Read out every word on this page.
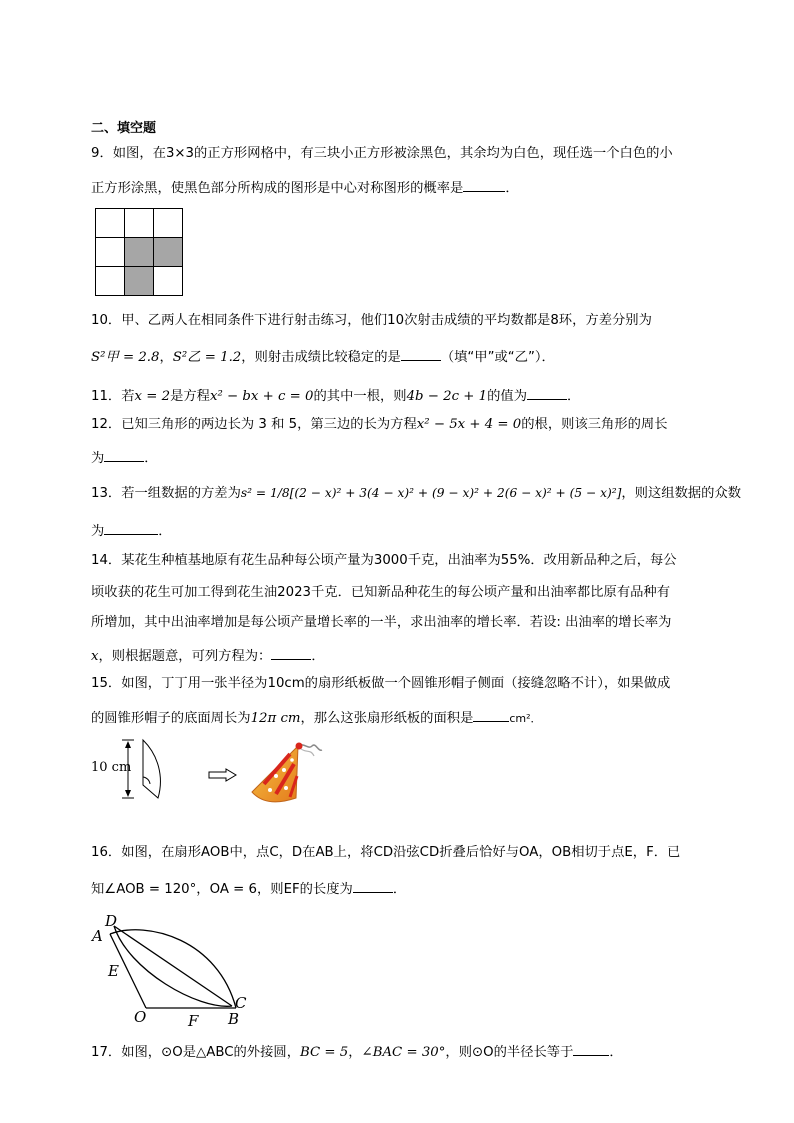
二、填空题
9．如图，在3×3的正方形网格中，有三块小正方形被涂黑色，其余均为白色，现任选一个白色的小
正方形涂黑，使黑色部分所构成的图形是中心对称图形的概率是	．
10．甲、乙两人在相同条件下进行射击练习，他们10次射击成绩的平均数都是8环，方差分别为
S²甲 = 2.8，S²乙 = 1.2，则射击成绩比较稳定的是	（填“甲”或“乙”）．
11．若x = 2是方程x² − bx + c = 0的其中一根，则4b − 2c + 1的值为	．
12．已知三角形的两边长为 3 和 5，第三边的长为方程x² − 5x + 4 = 0的根，则该三角形的周长
为	．
13．若一组数据的方差为s² = 1/8[(2 − x)² + 3(4 − x)² + (9 − x)² + 2(6 − x)² + (5 − x)²]，则这组数据的众数
为	．
14．某花生种植基地原有花生品种每公顷产量为3000千克，出油率为55%．改用新品种之后，每公
顷收获的花生可加工得到花生油2023千克．已知新品种花生的每公顷产量和出油率都比原有品种有
所增加，其中出油率增加是每公顷产量增长率的一半，求出油率的增长率．若设: 出油率的增长率为
x，则根据题意，可列方程为：	．
15．如图，丁丁用一张半径为10cm的扇形纸板做一个圆锥形帽子侧面（接缝忽略不计），如果做成
的圆锥形帽子的底面周长为12π cm，那么这张扇形纸板的面积是	cm²．
10 cm
16．如图，在扇形AOB中，点C，D在AB上，将CD沿弦CD折叠后恰好与OA，OB相切于点E，F．已
知∠AOB = 120°，OA = 6，则EF的长度为	．
D
A
E
O	F B
C
17．如图，⊙O是△ABC的外接圆，BC = 5，∠BAC = 30°，则⊙O的半径长等于	．
